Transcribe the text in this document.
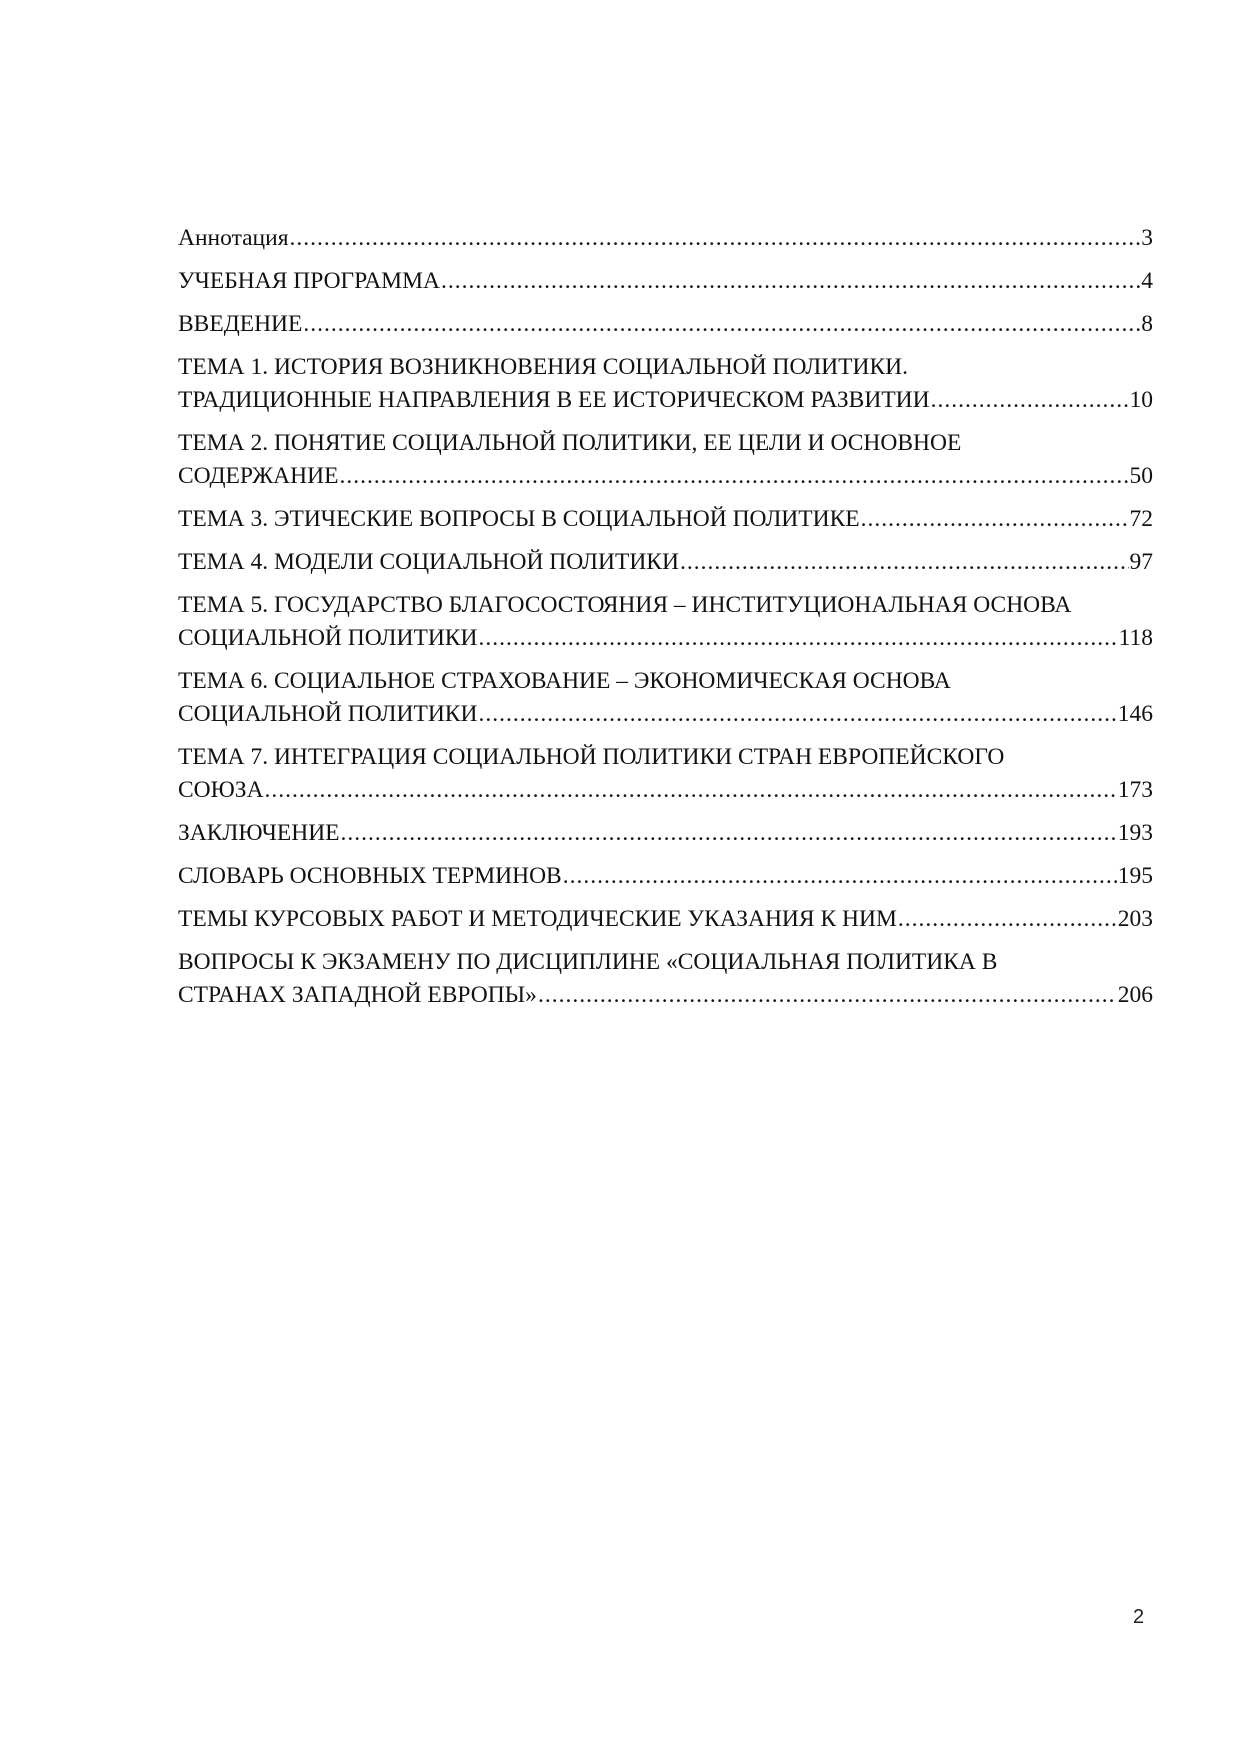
Аннотация .....	3
УЧЕБНАЯ ПРОГРАММА .....	4
ВВЕДЕНИЕ .....	8
ТЕМА 1. ИСТОРИЯ ВОЗНИКНОВЕНИЯ СОЦИАЛЬНОЙ ПОЛИТИКИ.
ТРАДИЦИОННЫЕ НАПРАВЛЕНИЯ В ЕЕ ИСТОРИЧЕСКОМ РАЗВИТИИ .....	10
ТЕМА 2. ПОНЯТИЕ СОЦИАЛЬНОЙ ПОЛИТИКИ, ЕЕ ЦЕЛИ И ОСНОВНОЕ
СОДЕРЖАНИЕ .....	50
ТЕМА 3. ЭТИЧЕСКИЕ ВОПРОСЫ В СОЦИАЛЬНОЙ ПОЛИТИКЕ .....	72
ТЕМА 4. МОДЕЛИ СОЦИАЛЬНОЙ ПОЛИТИКИ .....	97
ТЕМА 5. ГОСУДАРСТВО БЛАГОСОСТОЯНИЯ – ИНСТИТУЦИОНАЛЬНАЯ ОСНОВА
СОЦИАЛЬНОЙ ПОЛИТИКИ .....	118
ТЕМА 6. СОЦИАЛЬНОЕ СТРАХОВАНИЕ – ЭКОНОМИЧЕСКАЯ ОСНОВА
СОЦИАЛЬНОЙ ПОЛИТИКИ .....	146
ТЕМА 7. ИНТЕГРАЦИЯ СОЦИАЛЬНОЙ ПОЛИТИКИ СТРАН ЕВРОПЕЙСКОГО
СОЮЗА .....	173
ЗАКЛЮЧЕНИЕ .....	193
СЛОВАРЬ ОСНОВНЫХ ТЕРМИНОВ .....	195
ТЕМЫ КУРСОВЫХ РАБОТ И МЕТОДИЧЕСКИЕ УКАЗАНИЯ К НИМ .....	203
ВОПРОСЫ К ЭКЗАМЕНУ ПО ДИСЦИПЛИНЕ «СОЦИАЛЬНАЯ ПОЛИТИКА В
СТРАНАХ ЗАПАДНОЙ ЕВРОПЫ» .....	206
2
